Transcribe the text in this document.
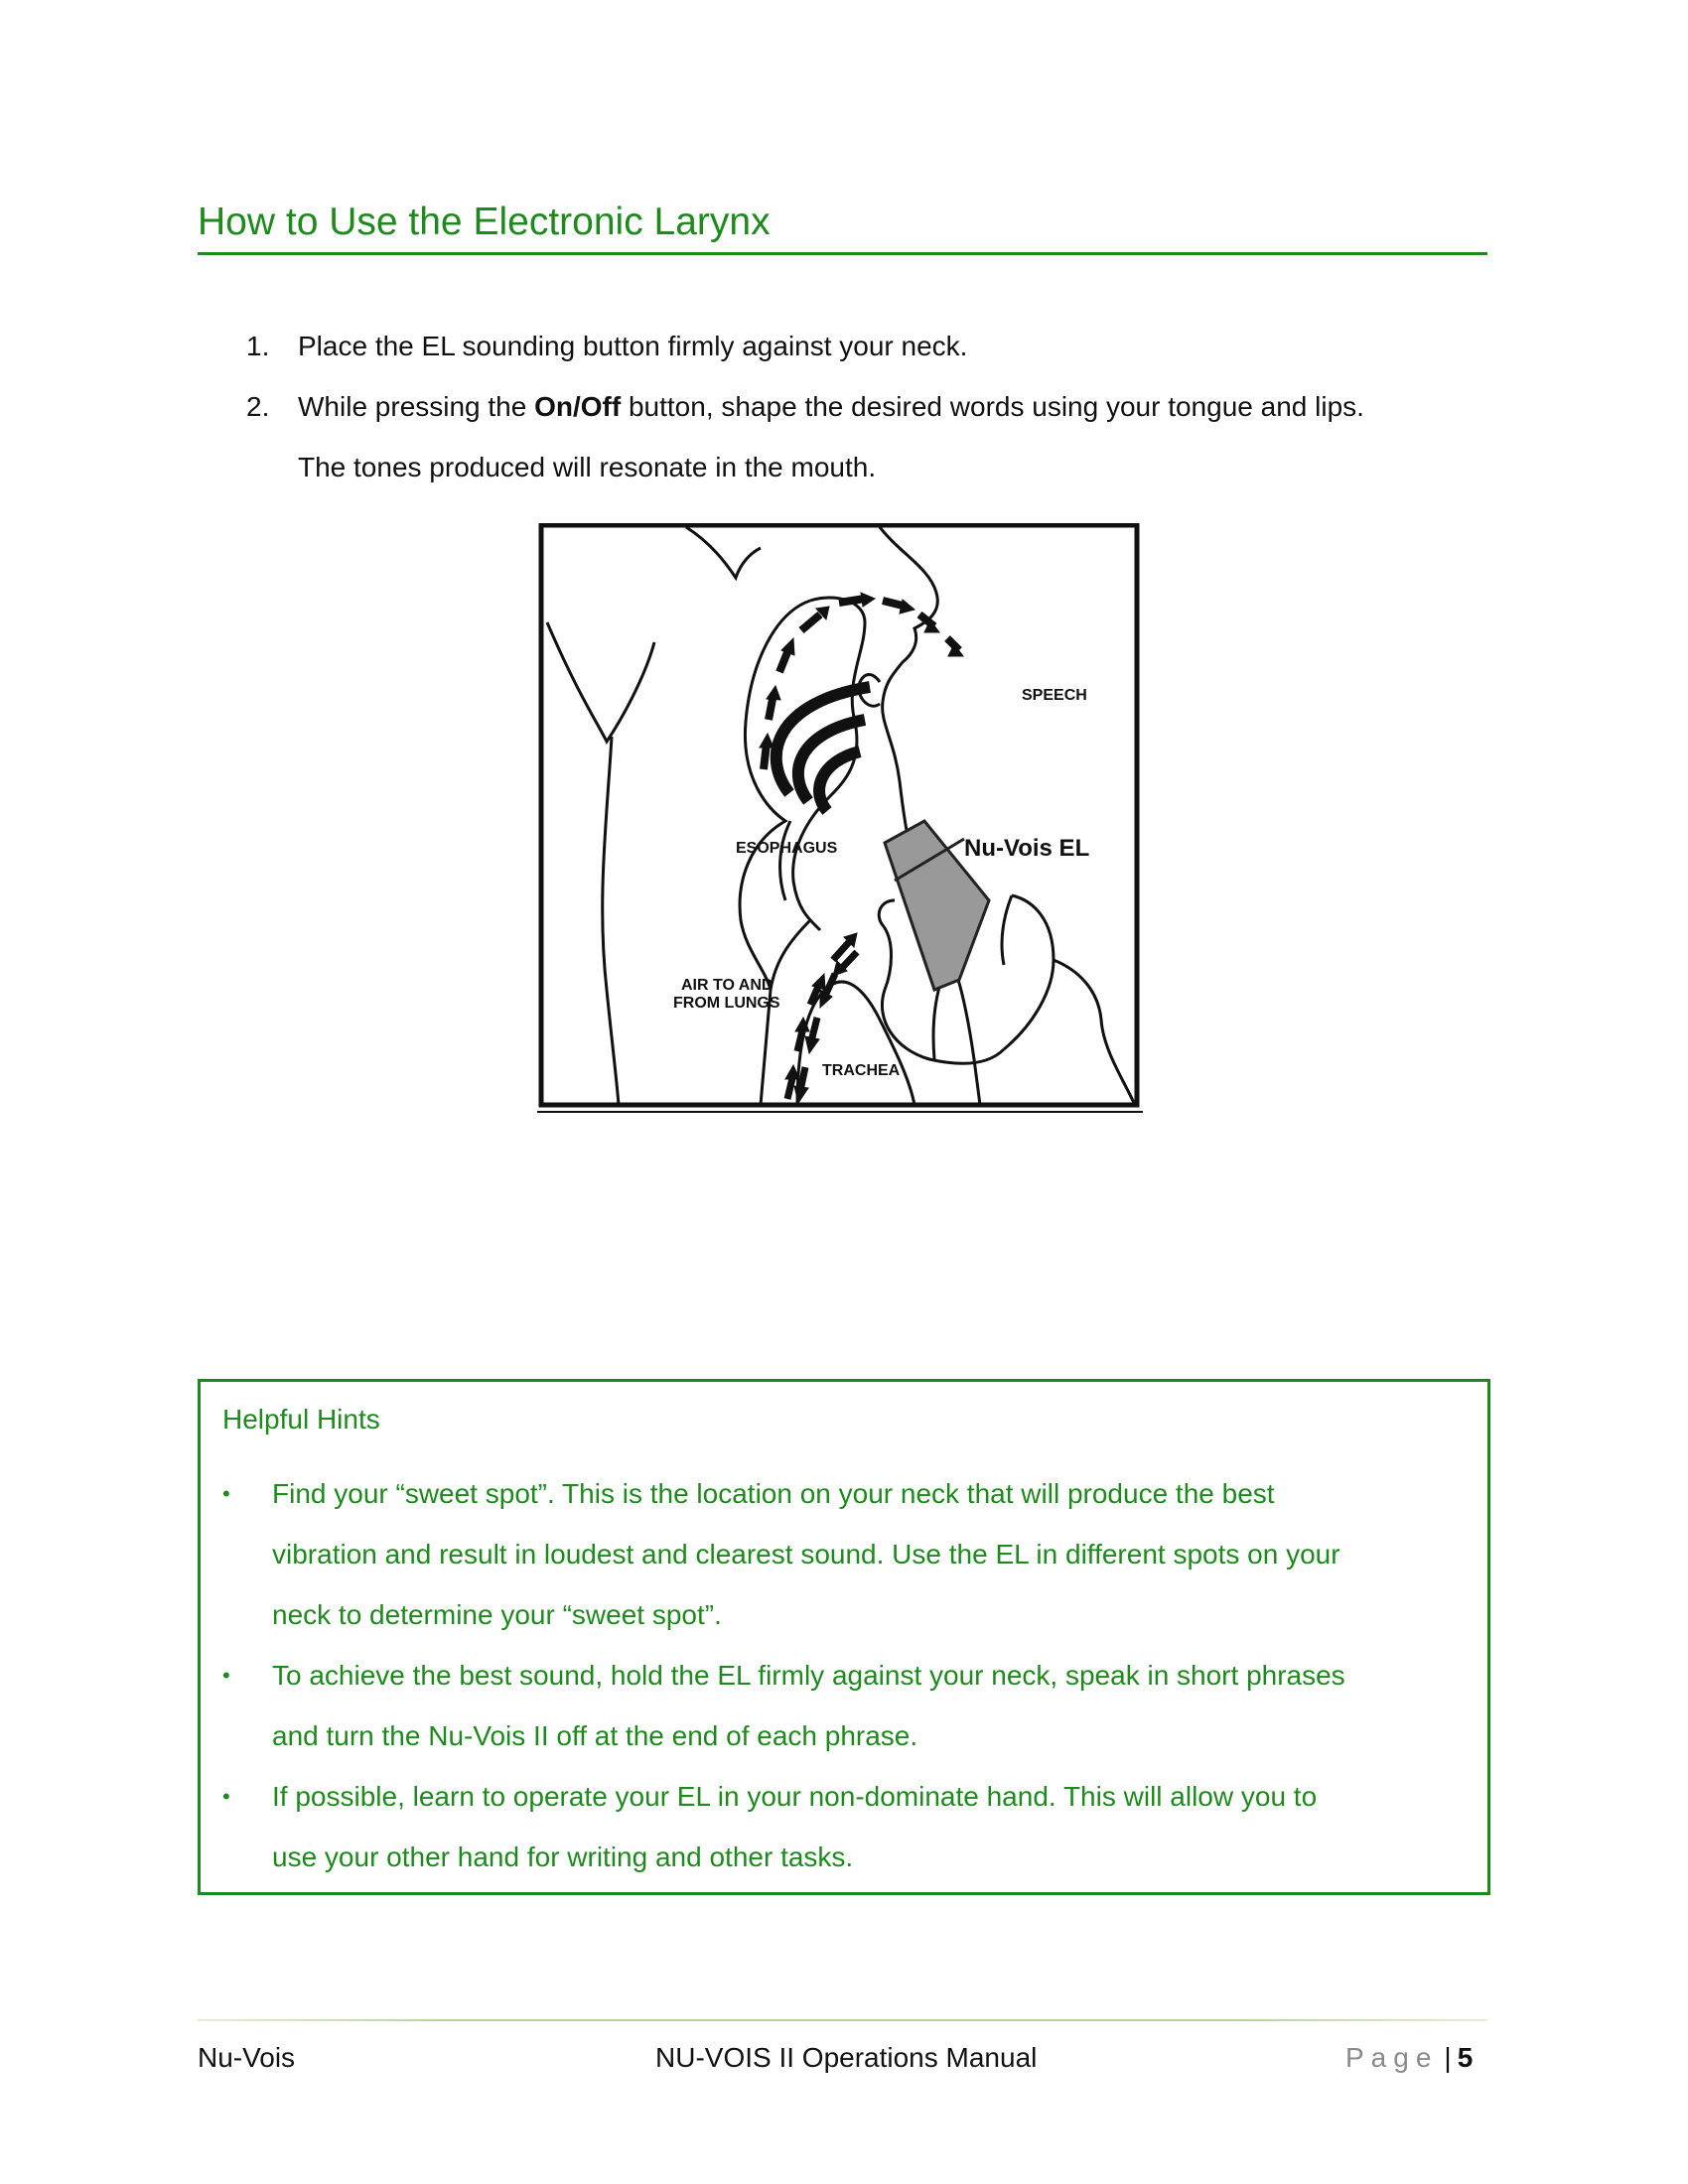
How to Use the Electronic Larynx
1.	Place the EL sounding button firmly against your neck.
2.	While pressing the On/Off button, shape the desired words using your tongue and lips.
The tones produced will resonate in the mouth.
SPEECH
ESOPHAGUS	Nu-Vois EL
AIR TO AND
FROM LUNGS
TRACHEA
Helpful Hints
•	Find your “sweet spot”. This is the location on your neck that will produce the best
vibration and result in loudest and clearest sound. Use the EL in different spots on your
neck to determine your “sweet spot”.
•	To achieve the best sound, hold the EL firmly against your neck, speak in short phrases
and turn the Nu-Vois II off at the end of each phrase.
•	If possible, learn to operate your EL in your non-dominate hand. This will allow you to
use your other hand for writing and other tasks.
Nu-Vois	NU-VOIS II Operations Manual	Page | 5
